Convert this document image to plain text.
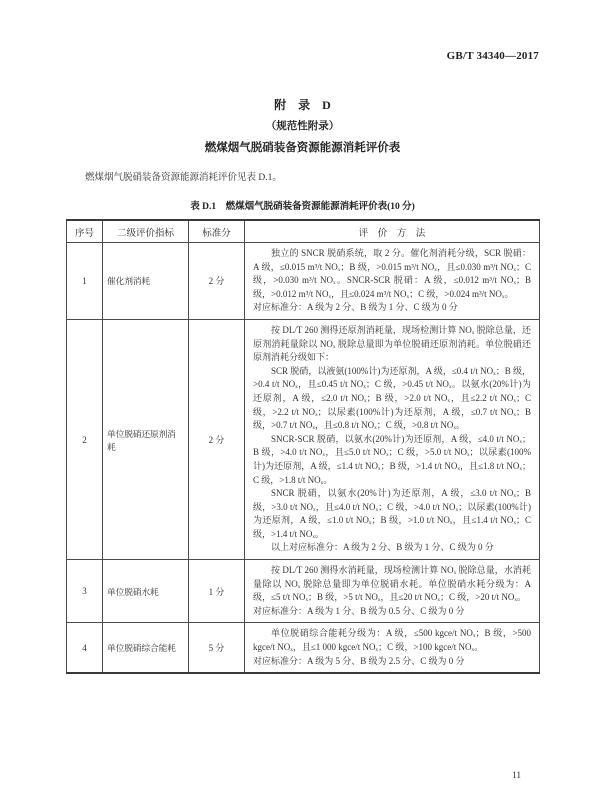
GB/T 34340—2017
附　录　D
（规范性附录）
燃煤烟气脱硝装备资源能源消耗评价表

燃煤烟气脱硝装备资源能源消耗评价见表 D.1。

表 D.1　燃煤烟气脱硝装备资源能源消耗评价表(10 分)
序号	二级评价指标	标准分	评　价　方　法
1	催化剂消耗	2 分	独立的 SNCR 脱硝系统，取 2 分。催化剂消耗分级，SCR 脱硝：A 级，≤0.015 m³/t NOₓ；B 级，>0.015 m³/t NOₓ，且≤0.030 m³/t NOₓ；C 级，>0.030 m³/t NOₓ。SNCR-SCR 脱硝：A 级，≤0.012 m³/t NOₓ；B 级，>0.012 m³/t NOₓ，且≤0.024 m³/t NOₓ；C 级，>0.024 m³/t NOₓ。

对应标准分：A 级为 2 分、B 级为 1 分、C 级为 0 分

2	单位脱硝还原剂消耗	2 分	按 DL/T 260 测得还原剂消耗量，现场检测计算 NOₓ 脱除总量，还原剂消耗量除以 NOₓ 脱除总量即为单位脱硝还原剂消耗。单位脱硝还原剂消耗分级如下：

SCR 脱硝，以液氨(100%计)为还原剂，A 级，≤0.4 t/t NOₓ；B 级，>0.4 t/t NOₓ，且≤0.45 t/t NOₓ；C 级，>0.45 t/t NOₓ。以氨水(20%计)为还原剂，A 级，≤2.0 t/t NOₓ；B 级，>2.0 t/t NOₓ，且≤2.2 t/t NOₓ；C 级，>2.2 t/t NOₓ；以尿素(100%计)为还原剂，A 级，≤0.7 t/t NOₓ；B 级，>0.7 t/t NOₓ，且≤0.8 t/t NOₓ；C 级，>0.8 t/t NOₓ。

SNCR-SCR 脱硝，以氨水(20%计)为还原剂，A 级，≤4.0 t/t NOₓ；B 级，>4.0 t/t NOₓ，且≤5.0 t/t NOₓ；C 级，>5.0 t/t NOₓ；以尿素(100%计)为还原剂，A 级，≤1.4 t/t NOₓ；B 级，>1.4 t/t NOₓ，且≤1.8 t/t NOₓ；C 级，>1.8 t/t NOₓ。

SNCR 脱硝，以氨水(20%计)为还原剂，A 级，≤3.0 t/t NOₓ；B 级，>3.0 t/t NOₓ，且≤4.0 t/t NOₓ；C 级，>4.0 t/t NOₓ；以尿素(100%计)为还原剂，A 级，≤1.0 t/t NOₓ；B 级，>1.0 t/t NOₓ，且≤1.4 t/t NOₓ；C 级，>1.4 t/t NOₓ。

以上对应标准分：A 级为 2 分、B 级为 1 分、C 级为 0 分

3	单位脱硝水耗	1 分	按 DL/T 260 测得水消耗量，现场检测计算 NOₓ 脱除总量，水消耗量除以 NOₓ 脱除总量即为单位脱硝水耗。单位脱硝水耗分级为：A 级，≤5 t/t NOₓ；B 级，>5 t/t NOₓ，且≤20 t/t NOₓ；C 级，>20 t/t NOₓ。

对应标准分：A 级为 1 分、B 级为 0.5 分、C 级为 0 分

4	单位脱硝综合能耗	5 分	单位脱硝综合能耗分级为：A 级，≤500 kgce/t NOₓ；B 级，>500 kgce/t NOₓ，且≤1 000 kgce/t NOₓ；C 级，>100 kgce/t NOₓ。

对应标准分：A 级为 5 分、B 级为 2.5 分、C 级为 0 分

11
